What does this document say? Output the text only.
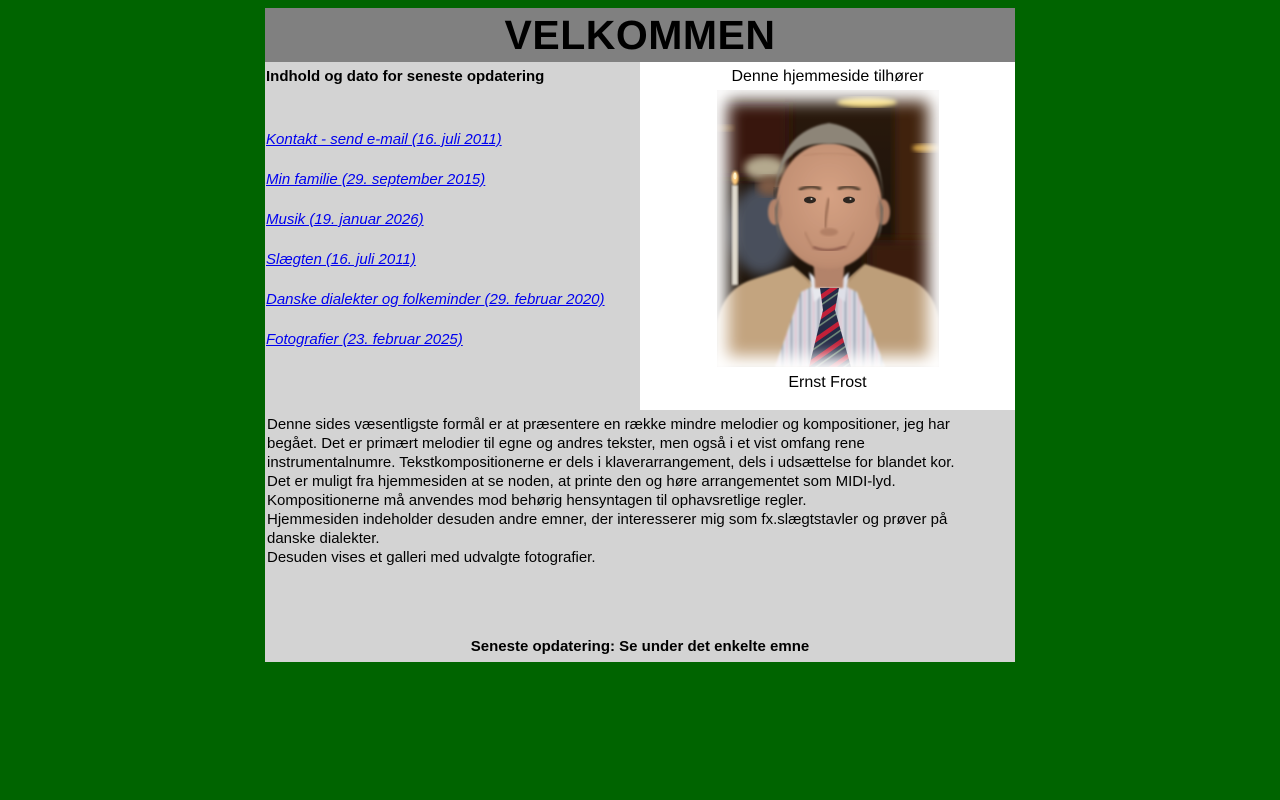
VELKOMMEN
Indhold og dato for seneste opdatering

Kontakt - send e-mail (16. juli 2011)

Min familie (29. september 2015)

Musik (19. januar 2026)

Slægten (16. juli 2011)

Danske dialekter og folkeminder (29. februar 2020)

Fotografier (23. februar 2025)

Denne hjemmeside tilhører
Ernst Frost
Denne sides væsentligste formål er at præsentere en række mindre melodier og kompositioner, jeg har
begået. Det er primært melodier til egne og andres tekster, men også i et vist omfang rene
instrumentalnumre. Tekstkompositionerne er dels i klaverarrangement, dels i udsættelse for blandet kor.
Det er muligt fra hjemmesiden at se noden, at printe den og høre arrangementet som MIDI-lyd.
Kompositionerne må anvendes mod behørig hensyntagen til ophavsretlige regler.
Hjemmesiden indeholder desuden andre emner, der interesserer mig som fx.slægtstavler og prøver på
danske dialekter.
Desuden vises et galleri med udvalgte fotografier.
Seneste opdatering: Se under det enkelte emne
